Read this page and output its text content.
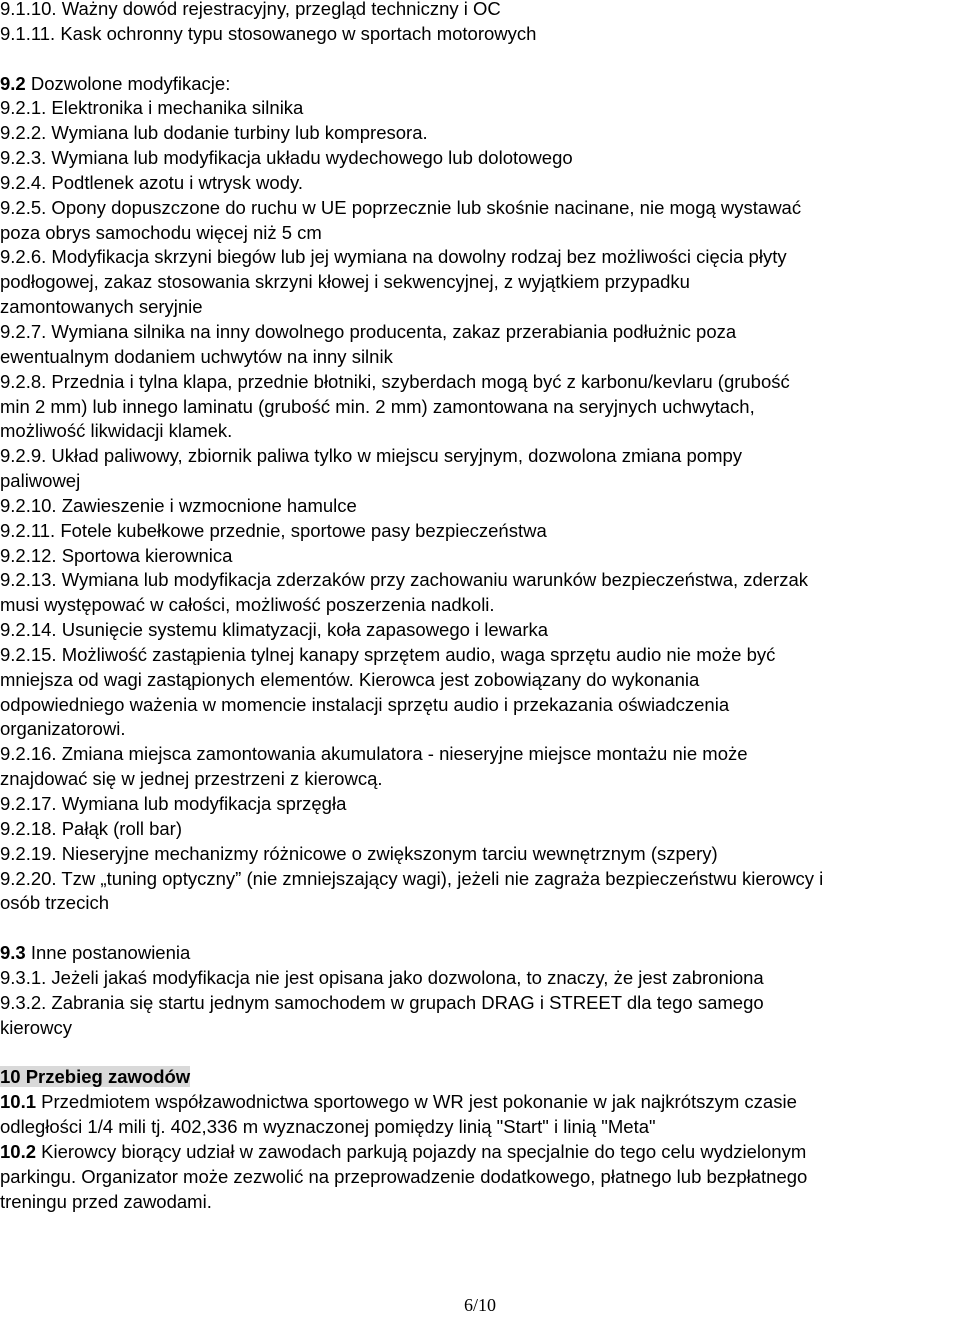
9.1.10. Ważny dowód rejestracyjny, przegląd techniczny i OC
9.1.11. Kask ochronny typu stosowanego w sportach motorowych
9.2 Dozwolone modyfikacje:
9.2.1. Elektronika i mechanika silnika
9.2.2. Wymiana lub dodanie turbiny lub kompresora.
9.2.3. Wymiana lub modyfikacja układu wydechowego lub dolotowego
9.2.4. Podtlenek azotu i wtrysk wody.
9.2.5. Opony dopuszczone do ruchu w UE poprzecznie lub skośnie nacinane, nie mogą wystawać
poza obrys samochodu więcej niż 5 cm
9.2.6. Modyfikacja skrzyni biegów lub jej wymiana na dowolny rodzaj bez możliwości cięcia płyty
podłogowej, zakaz stosowania skrzyni kłowej i sekwencyjnej, z wyjątkiem przypadku
zamontowanych seryjnie
9.2.7. Wymiana silnika na inny dowolnego producenta, zakaz przerabiania podłużnic poza
ewentualnym dodaniem uchwytów na inny silnik
9.2.8. Przednia i tylna klapa, przednie błotniki, szyberdach mogą być z karbonu/kevlaru (grubość
min 2 mm) lub innego laminatu (grubość min. 2 mm) zamontowana na seryjnych uchwytach,
możliwość likwidacji klamek.
9.2.9. Układ paliwowy, zbiornik paliwa tylko w miejscu seryjnym, dozwolona zmiana pompy
paliwowej
9.2.10. Zawieszenie i wzmocnione hamulce
9.2.11. Fotele kubełkowe przednie, sportowe pasy bezpieczeństwa
9.2.12. Sportowa kierownica
9.2.13. Wymiana lub modyfikacja zderzaków przy zachowaniu warunków bezpieczeństwa, zderzak
musi występować w całości, możliwość poszerzenia nadkoli.
9.2.14. Usunięcie systemu klimatyzacji, koła zapasowego i lewarka
9.2.15. Możliwość zastąpienia tylnej kanapy sprzętem audio, waga sprzętu audio nie może być
mniejsza od wagi zastąpionych elementów. Kierowca jest zobowiązany do wykonania
odpowiedniego ważenia w momencie instalacji sprzętu audio i przekazania oświadczenia
organizatorowi.
9.2.16. Zmiana miejsca zamontowania akumulatora - nieseryjne miejsce montażu nie może
znajdować się w jednej przestrzeni z kierowcą.
9.2.17. Wymiana lub modyfikacja sprzęgła
9.2.18. Pałąk (roll bar)
9.2.19. Nieseryjne mechanizmy różnicowe o zwiększonym tarciu wewnętrznym (szpery)
9.2.20. Tzw „tuning optyczny” (nie zmniejszający wagi), jeżeli nie zagraża bezpieczeństwu kierowcy i
osób trzecich
9.3 Inne postanowienia
9.3.1. Jeżeli jakaś modyfikacja nie jest opisana jako dozwolona, to znaczy, że jest zabroniona
9.3.2. Zabrania się startu jednym samochodem w grupach DRAG i STREET dla tego samego
kierowcy
10 Przebieg zawodów
10.1 Przedmiotem współzawodnictwa sportowego w WR jest pokonanie w jak najkrótszym czasie
odległości 1/4 mili tj. 402,336 m wyznaczonej pomiędzy linią "Start" i linią "Meta"
10.2 Kierowcy biorący udział w zawodach parkują pojazdy na specjalnie do tego celu wydzielonym
parkingu. Organizator może zezwolić na przeprowadzenie dodatkowego, płatnego lub bezpłatnego
treningu przed zawodami.
6/10
